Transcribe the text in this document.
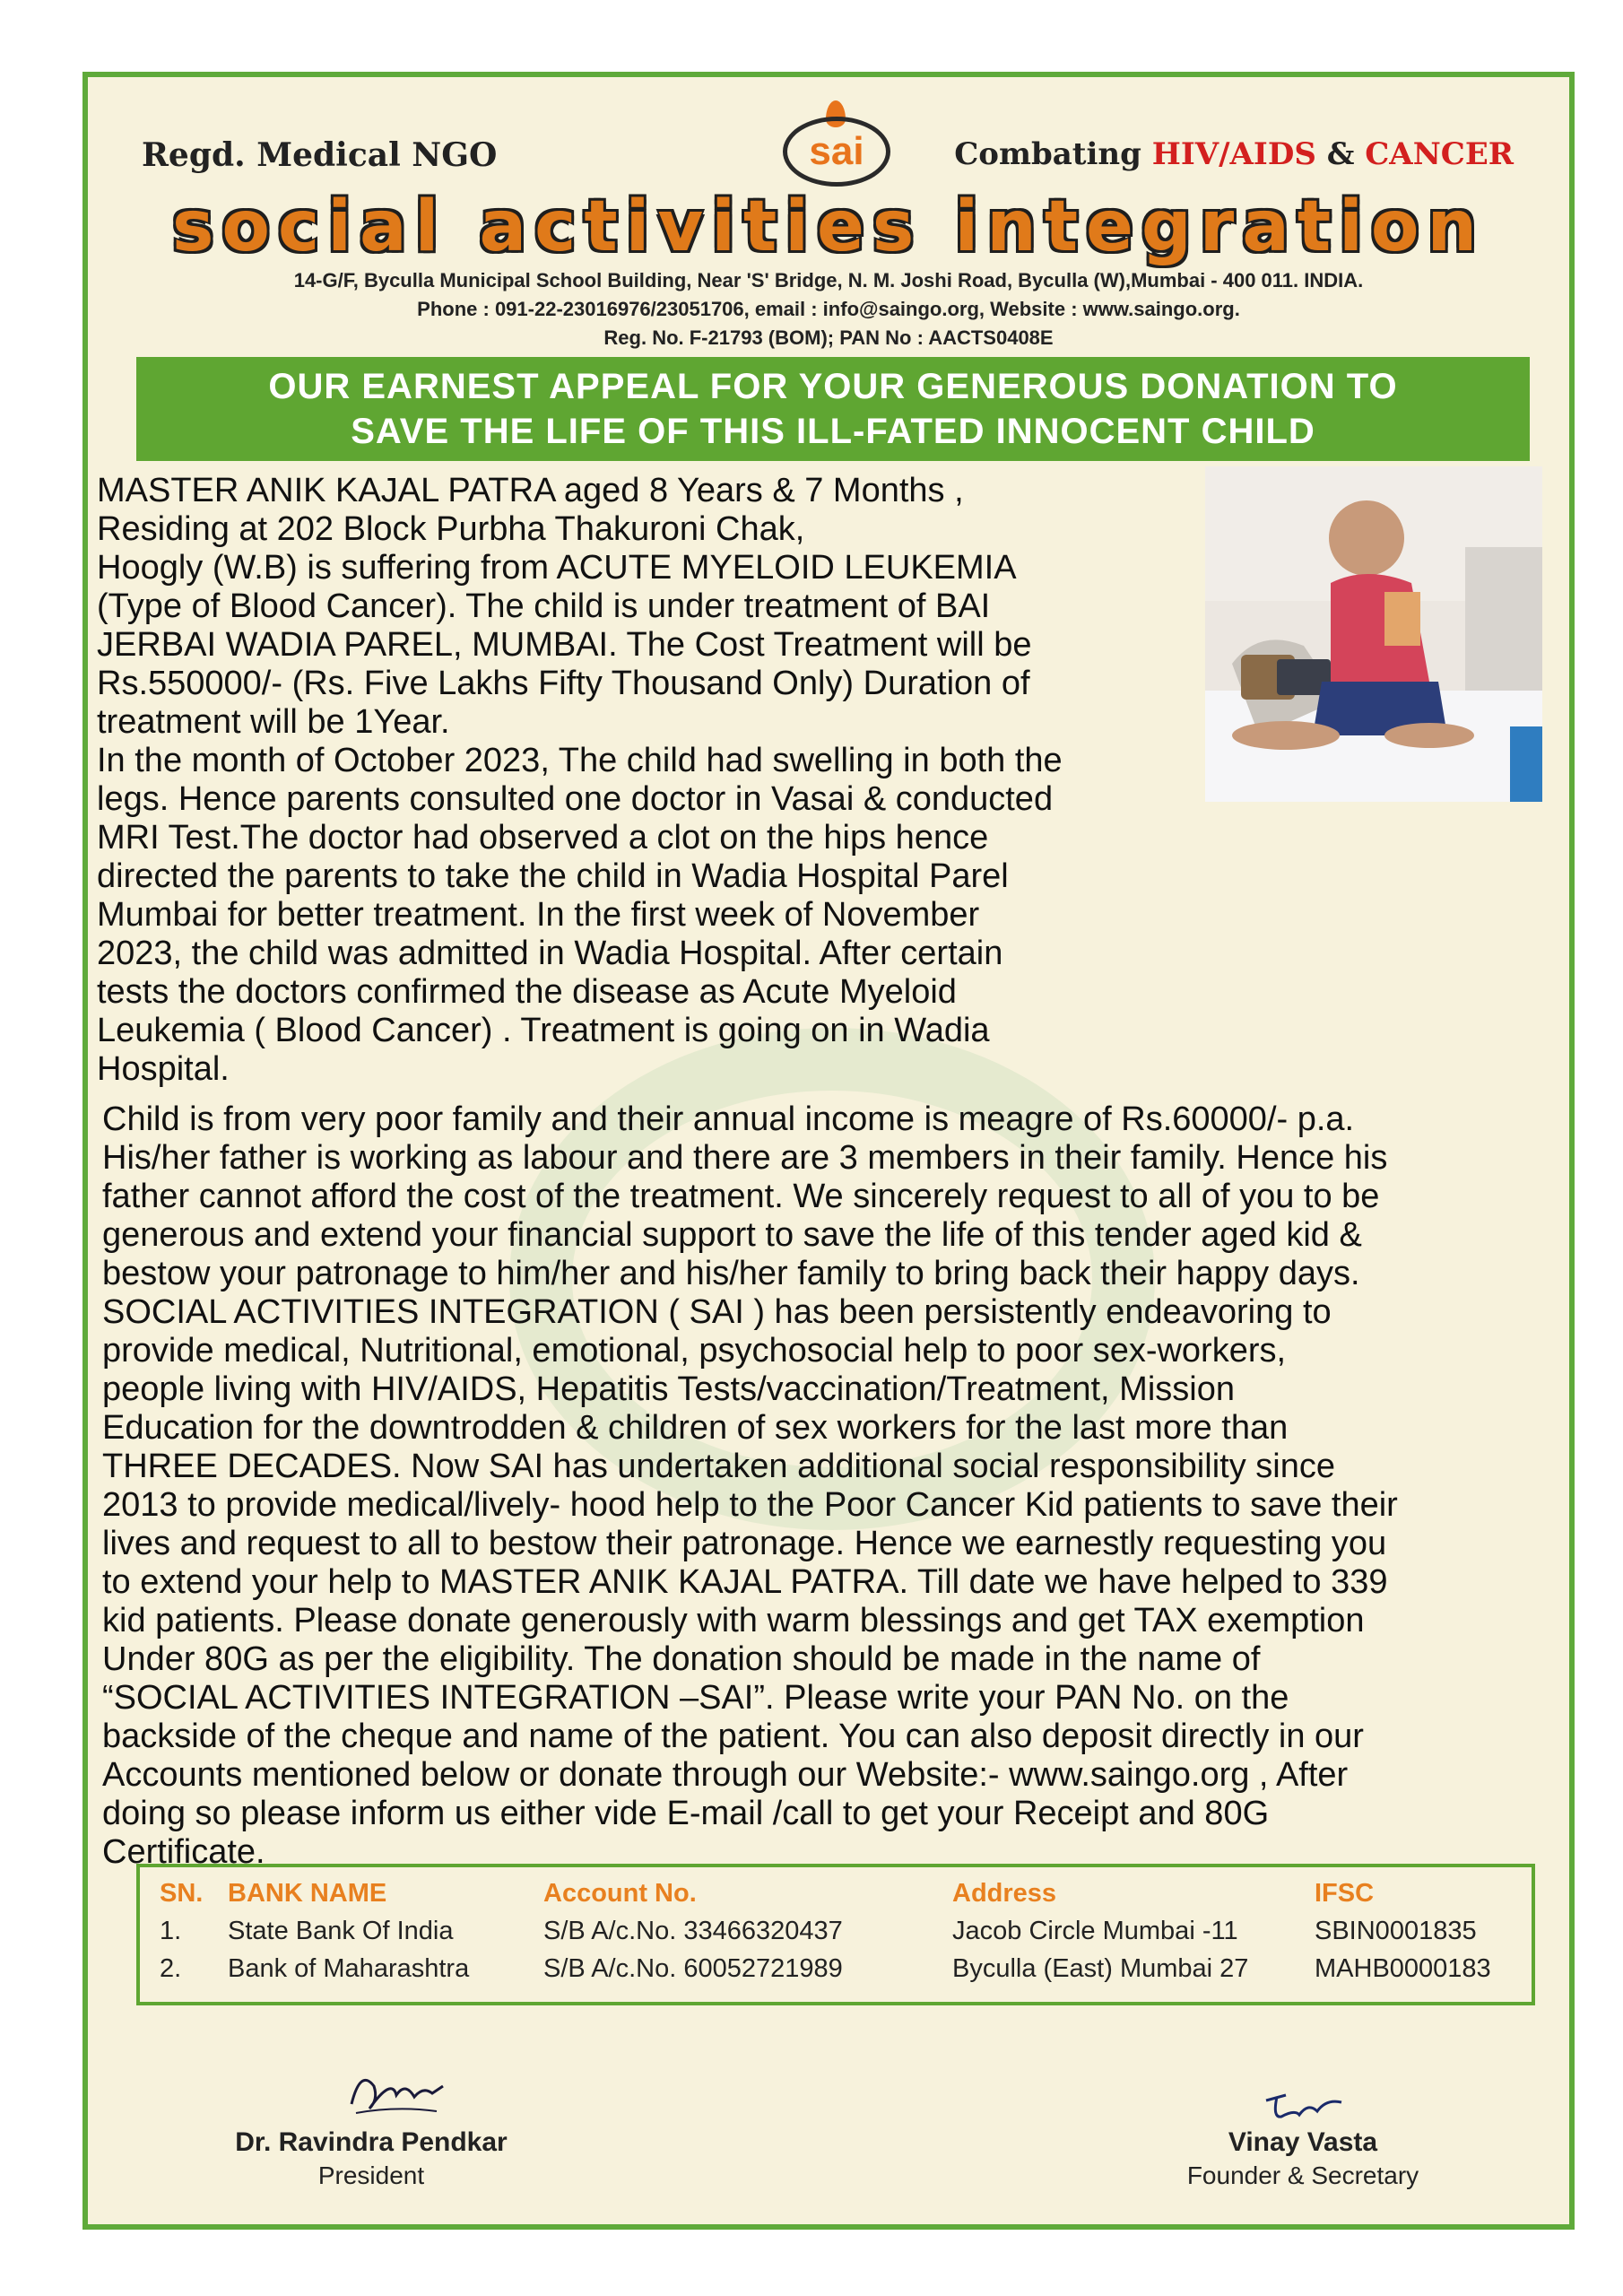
Regd. Medical NGO	sai	Combating HIV/AIDS & CANCER
social activities integration
14-G/F, Byculla Municipal School Building, Near 'S' Bridge, N. M. Joshi Road, Byculla (W),Mumbai - 400 011. INDIA.
Phone : 091-22-23016976/23051706, email : info@saingo.org, Website : www.saingo.org.
Reg. No. F-21793 (BOM); PAN No : AACTS0408E
OUR EARNEST APPEAL FOR YOUR GENEROUS DONATION TO
SAVE THE LIFE OF THIS ILL-FATED INNOCENT CHILD

MASTER ANIK KAJAL PATRA aged 8 Years & 7 Months ,

Residing at 202 Block Purbha Thakuroni Chak,

Hoogly (W.B) is suffering from ACUTE MYELOID LEUKEMIA

(Type of Blood Cancer). The child is under treatment of BAI

JERBAI WADIA PAREL, MUMBAI. The Cost Treatment will be

Rs.550000/- (Rs. Five Lakhs Fifty Thousand Only) Duration of

treatment will be 1Year.

In the month of October 2023, The child had swelling in both the

legs. Hence parents consulted one doctor in Vasai & conducted

MRI Test.The doctor had observed a clot on the hips hence

directed the parents to take the child in Wadia Hospital Parel

Mumbai for better treatment. In the first week of November

2023, the child was admitted in Wadia Hospital. After certain

tests the doctors confirmed the disease as Acute Myeloid

Leukemia ( Blood Cancer) . Treatment is going on in Wadia

Hospital.

Child is from very poor family and their annual income is meagre of Rs.60000/- p.a.

His/her father is working as labour and there are 3 members in their family. Hence his

father cannot afford the cost of the treatment. We sincerely request to all of you to be

generous and extend your financial support to save the life of this tender aged kid &

bestow your patronage to him/her and his/her family to bring back their happy days.

SOCIAL ACTIVITIES INTEGRATION ( SAI ) has been persistently endeavoring to

provide medical, Nutritional, emotional, psychosocial help to poor sex-workers,

people living with HIV/AIDS, Hepatitis Tests/vaccination/Treatment, Mission

Education for the downtrodden & children of sex workers for the last more than

THREE DECADES. Now SAI has undertaken additional social responsibility since

2013 to provide medical/lively- hood help to the Poor Cancer Kid patients to save their

lives and request to all to bestow their patronage. Hence we earnestly requesting you

to extend your help to MASTER ANIK KAJAL PATRA. Till date we have helped to 339

kid patients. Please donate generously with warm blessings and get TAX exemption

Under 80G as per the eligibility. The donation should be made in the name of

“SOCIAL ACTIVITIES INTEGRATION –SAI”. Please write your PAN No. on the

backside of the cheque and name of the patient. You can also deposit directly in our

Accounts mentioned below or donate through our Website:- www.saingo.org , After

doing so please inform us either vide E-mail /call to get your Receipt and 80G

Certificate.

SN.	BANK NAME	Account No.	Address	IFSC
1.	State Bank Of India	S/B A/c.No. 33466320437	Jacob Circle Mumbai -11	SBIN0001835
2.	Bank of Maharashtra	S/B A/c.No. 60052721989	Byculla (East) Mumbai 27	MAHB0000183
Dr. Ravindra Pendkar
President
Vinay Vasta
Founder & Secretary
